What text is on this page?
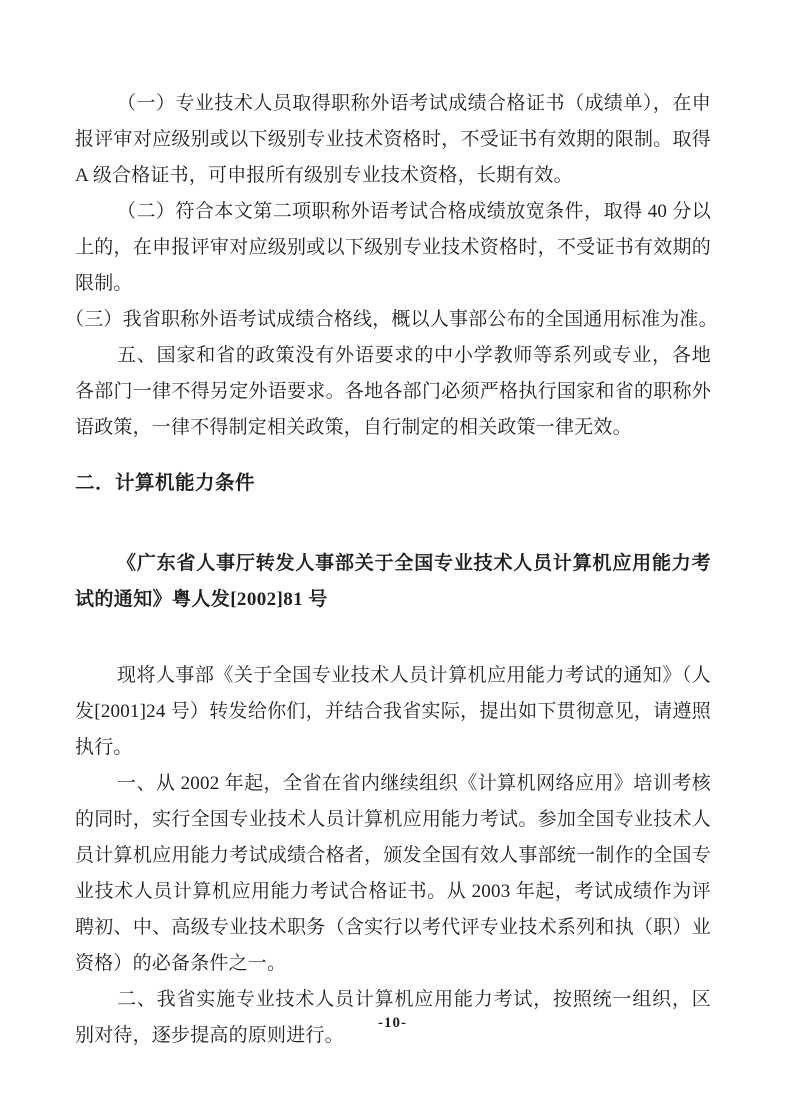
（一）专业技术人员取得职称外语考试成绩合格证书（成绩单），在申报评审对应级别或以下级别专业技术资格时，不受证书有效期的限制。取得 A 级合格证书，可申报所有级别专业技术资格，长期有效。

（二）符合本文第二项职称外语考试合格成绩放宽条件，取得 40 分以上的，在申报评审对应级别或以下级别专业技术资格时，不受证书有效期的限制。

（三）我省职称外语考试成绩合格线，概以人事部公布的全国通用标准为准。

五、国家和省的政策没有外语要求的中小学教师等系列或专业，各地各部门一律不得另定外语要求。各地各部门必须严格执行国家和省的职称外语政策，一律不得制定相关政策，自行制定的相关政策一律无效。

二．计算机能力条件

《广东省人事厅转发人事部关于全国专业技术人员计算机应用能力考试的通知》粤人发[2002]81 号

现将人事部《关于全国专业技术人员计算机应用能力考试的通知》（人发[2001]24 号）转发给你们，并结合我省实际，提出如下贯彻意见，请遵照执行。

一、从 2002 年起，全省在省内继续组织《计算机网络应用》培训考核的同时，实行全国专业技术人员计算机应用能力考试。参加全国专业技术人员计算机应用能力考试成绩合格者，颁发全国有效人事部统一制作的全国专业技术人员计算机应用能力考试合格证书。从 2003 年起，考试成绩作为评聘初、中、高级专业技术职务（含实行以考代评专业技术系列和执（职）业资格）的必备条件之一。

二、我省实施专业技术人员计算机应用能力考试，按照统一组织，区别对待，逐步提高的原则进行。

-10-
